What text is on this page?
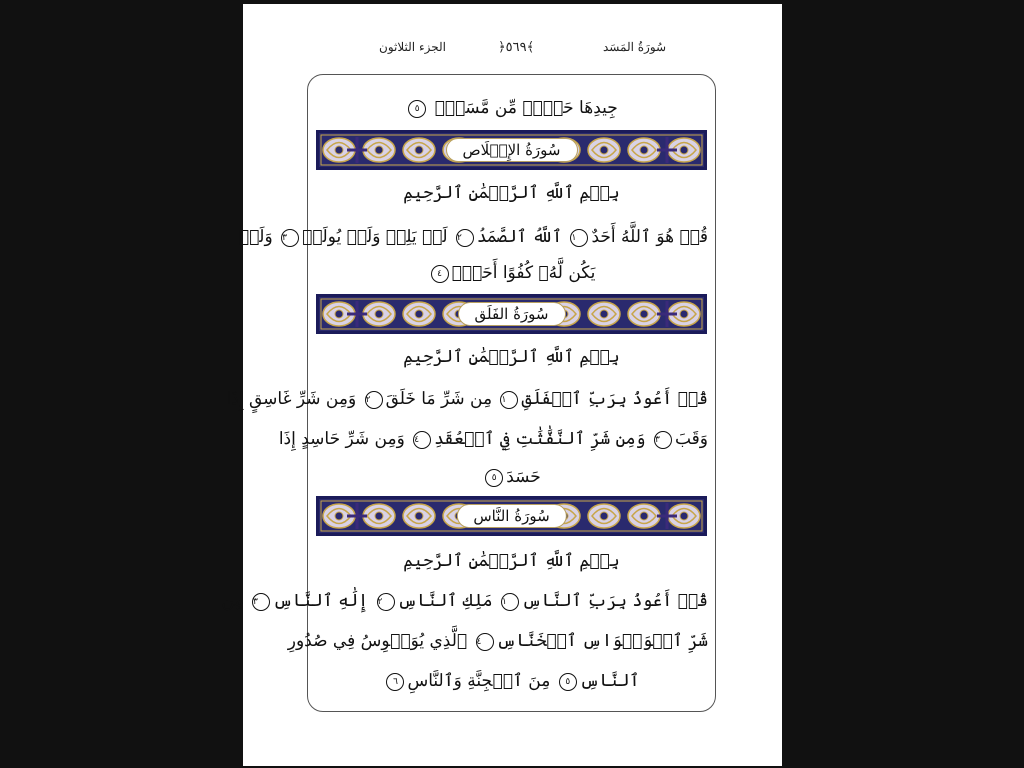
الجزء الثلاثون	﴿٥٦٩﴾	سُورَةُ المَسَد
جِيدِهَا حَبۡلٞ مِّن مَّسَدِۭ ٥
سُورَةُ الإِخۡلَاص
بِسۡمِ ٱللَّهِ ٱلرَّحۡمَٰنِ ٱلرَّحِيمِ
قُلۡ هُوَ ٱللَّهُ أَحَدٌ١ ٱللَّهُ ٱلصَّمَدُ٢ لَمۡ يَلِدۡ وَلَمۡ يُولَدۡ٣ وَلَمۡ
يَكُن لَّهُۥ كُفُوًا أَحَدُۢ٤
سُورَةُ الفَلَق
بِسۡمِ ٱللَّهِ ٱلرَّحۡمَٰنِ ٱلرَّحِيمِ
قُلۡ أَعُوذُ بِرَبِّ ٱلۡفَلَقِ١ مِن شَرِّ مَا خَلَقَ٢ وَمِن شَرِّ غَاسِقٍ إِذَا
وَقَبَ٣ وَمِن شَرِّ ٱلنَّفَّٰثَٰتِ فِي ٱلۡعُقَدِ٤ وَمِن شَرِّ حَاسِدٍ إِذَا
حَسَدَ٥
سُورَةُ النَّاس
بِسۡمِ ٱللَّهِ ٱلرَّحۡمَٰنِ ٱلرَّحِيمِ
قُلۡ أَعُوذُ بِرَبِّ ٱلنَّاسِ١ مَلِكِ ٱلنَّاسِ٢ إِلَٰهِ ٱلنَّاسِ٣ مِن
شَرِّ ٱلۡوَسۡوَاسِ ٱلۡخَنَّاسِ٤ ٱلَّذِي يُوَسۡوِسُ فِي صُدُورِ
ٱلنَّاسِ٥ مِنَ ٱلۡجِنَّةِ وَٱلنَّاسِ٦
